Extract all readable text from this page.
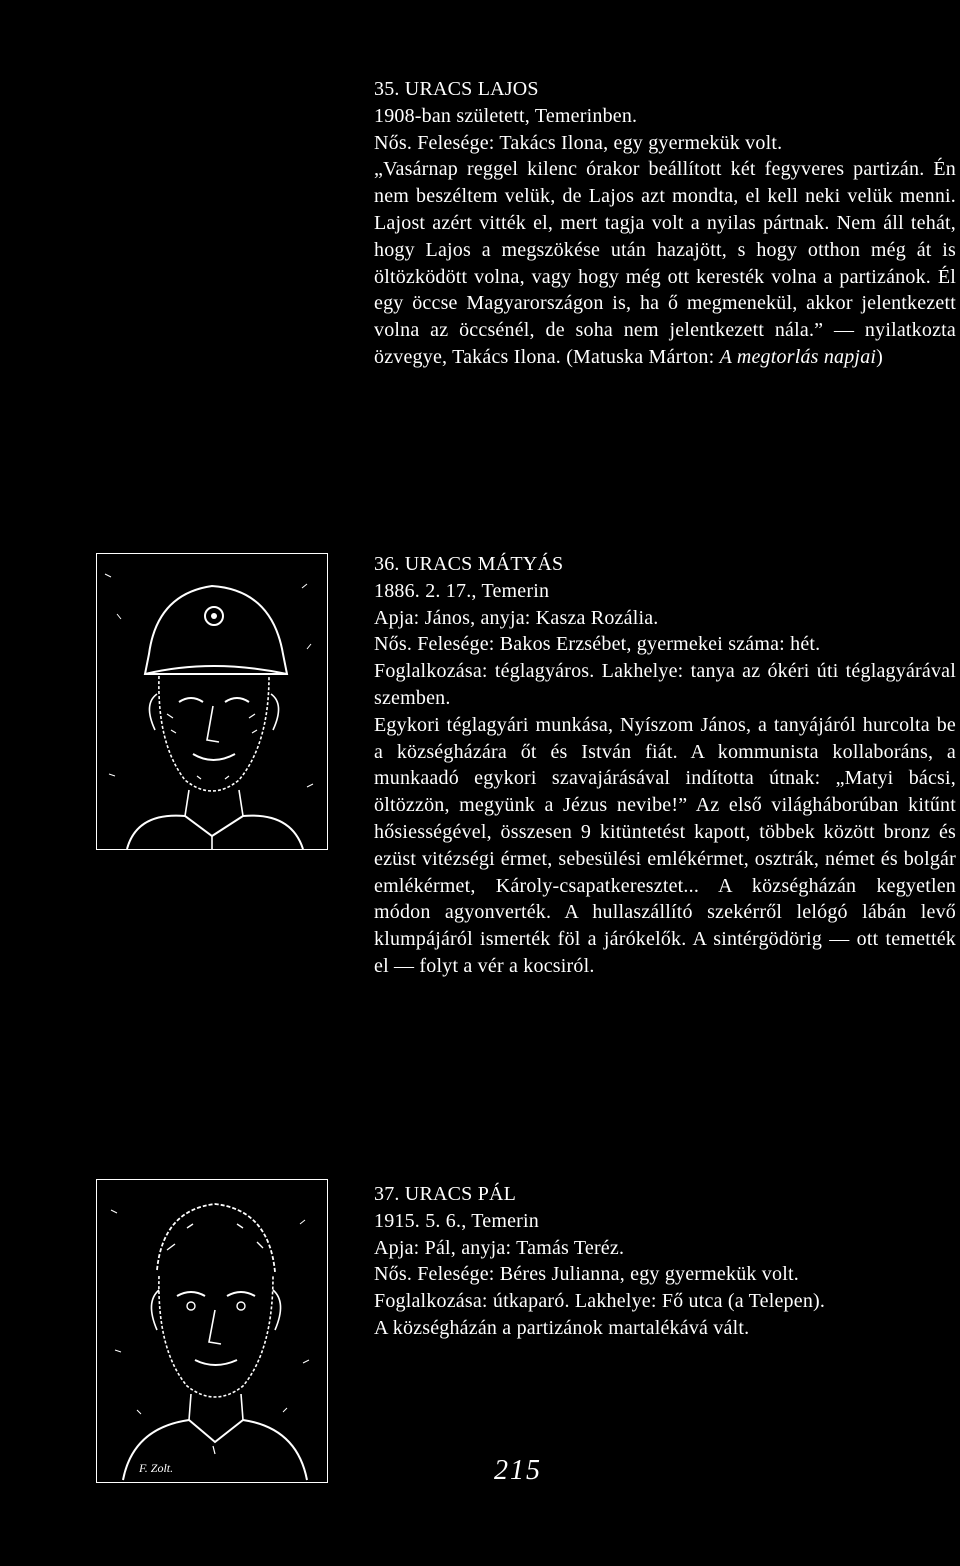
35. URACS LAJOS

1908-ban született, Temerinben.

Nős. Felesége: Takács Ilona, egy gyermekük volt.

„Vasárnap reggel kilenc órakor beállított két fegyveres partizán. Én nem beszéltem velük, de Lajos azt mondta, el kell neki velük menni. Lajost azért vitték el, mert tagja volt a nyilas pártnak. Nem áll tehát, hogy Lajos a megszökése után hazajött, s hogy otthon még át is öltözködött volna, vagy hogy még ott keresték volna a partizánok. Él egy öccse Magyarországon is, ha ő megmenekül, akkor jelentkezett volna az öccsénél, de soha nem jelentkezett nála.” — nyilatkozta özvegye, Takács Ilona. (Matuska Márton: A megtorlás napjai)

36. URACS MÁTYÁS

1886. 2. 17., Temerin

Apja: János, anyja: Kasza Rozália.

Nős. Felesége: Bakos Erzsébet, gyermekei száma: hét.

Foglalkozása: téglagyáros. Lakhelye: tanya az ókéri úti téglagyárával szemben.

Egykori téglagyári munkása, Nyíszom János, a tanyájáról hurcolta be a községházára őt és István fiát. A kommunista kollaboráns, a munkaadó egykori szavajárásával indította útnak: „Matyi bácsi, öltözzön, megyünk a Jézus nevibe!” Az első világháborúban kitűnt hősiességével, összesen 9 kitüntetést kapott, többek között bronz és ezüst vitézségi érmet, sebesülési emlékérmet, osztrák, német és bolgár emlékérmet, Károly-csapatkeresztet... A községházán kegyetlen módon agyonverték. A hullaszállító szekérről lelógó lábán levő klumpájáról ismerték föl a járókelők. A sintérgödörig — ott temették el — folyt a vér a kocsiról.

F. Zolt.

37. URACS PÁL

1915. 5. 6., Temerin

Apja: Pál, anyja: Tamás Teréz.

Nős. Felesége: Béres Julianna, egy gyermekük volt.

Foglalkozása: útkaparó. Lakhelye: Fő utca (a Telepen).

A községházán a partizánok martalékává vált.

215
